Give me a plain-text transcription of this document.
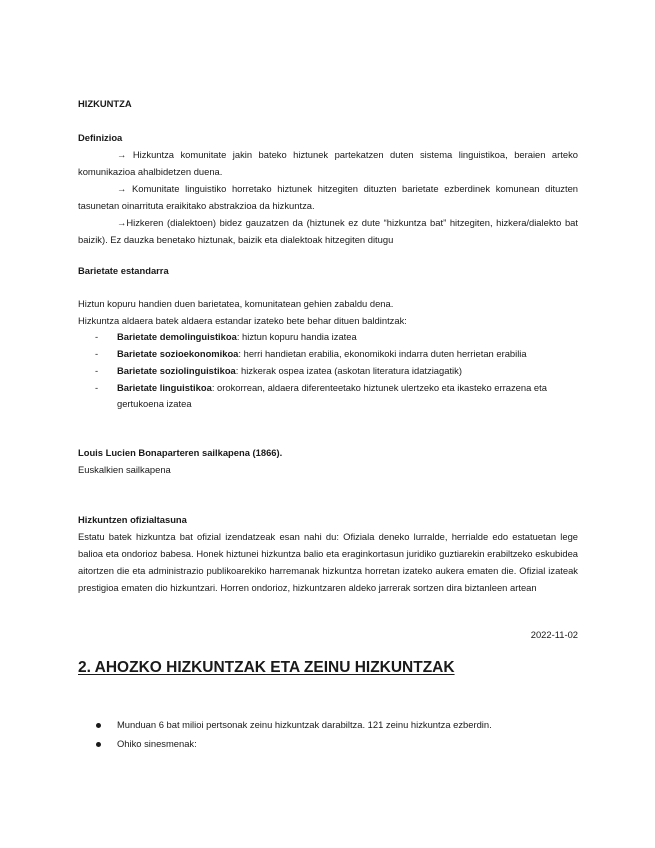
HIZKUNTZA
Definizioa

→ Hizkuntza komunitate jakin bateko hiztunek partekatzen duten sistema linguistikoa, beraien arteko komunikazioa ahalbidetzen duena.

→ Komunitate linguistiko horretako hiztunek hitzegiten dituzten barietate ezberdinek komunean dituzten tasunetan oinarrituta eraikitako abstrakzioa da hizkuntza.

→Hizkeren (dialektoen) bidez gauzatzen da (hiztunek ez dute “hizkuntza bat” hitzegiten, hizkera/dialekto bat baizik). Ez dauzka benetako hiztunak, baizik eta dialektoak hitzegiten ditugu

Barietate estandarra
Hiztun kopuru handien duen barietatea, komunitatean gehien zabaldu dena.
Hizkuntza aldaera batek aldaera estandar izateko bete behar dituen baldintzak:
- Barietate demolinguistikoa: hiztun kopuru handia izatea
- Barietate sozioekonomikoa: herri handietan erabilia, ekonomikoki indarra duten herrietan erabilia
- Barietate soziolinguistikoa: hizkerak ospea izatea (askotan literatura idatziagatik)
- Barietate linguistikoa: orokorrean, aldaera diferenteetako hiztunek ulertzeko eta ikasteko errazena eta gertukoena izatea
Louis Lucien Bonaparteren sailkapena (1866).
Euskalkien sailkapena
Hizkuntzen ofizialtasuna
Estatu batek hizkuntza bat ofizial izendatzeak esan nahi du: Ofiziala deneko lurralde, herrialde edo estatuetan lege balioa eta ondorioz babesa. Honek hiztunei hizkuntza balio eta eraginkortasun juridiko guztiarekin erabiltzeko eskubidea aitortzen die eta administrazio publikoarekiko harremanak hizkuntza horretan izateko aukera ematen die. Ofizial izateak prestigioa ematen dio hizkuntzari. Horren ondorioz, hizkuntzaren aldeko jarrerak sortzen dira biztanleen artean
2022-11-02
2. AHOZKO HIZKUNTZAK ETA ZEINU HIZKUNTZAK
Munduan 6 bat milioi pertsonak zeinu hizkuntzak darabiltza. 121 zeinu hizkuntza ezberdin.
Ohiko sinesmenak:
